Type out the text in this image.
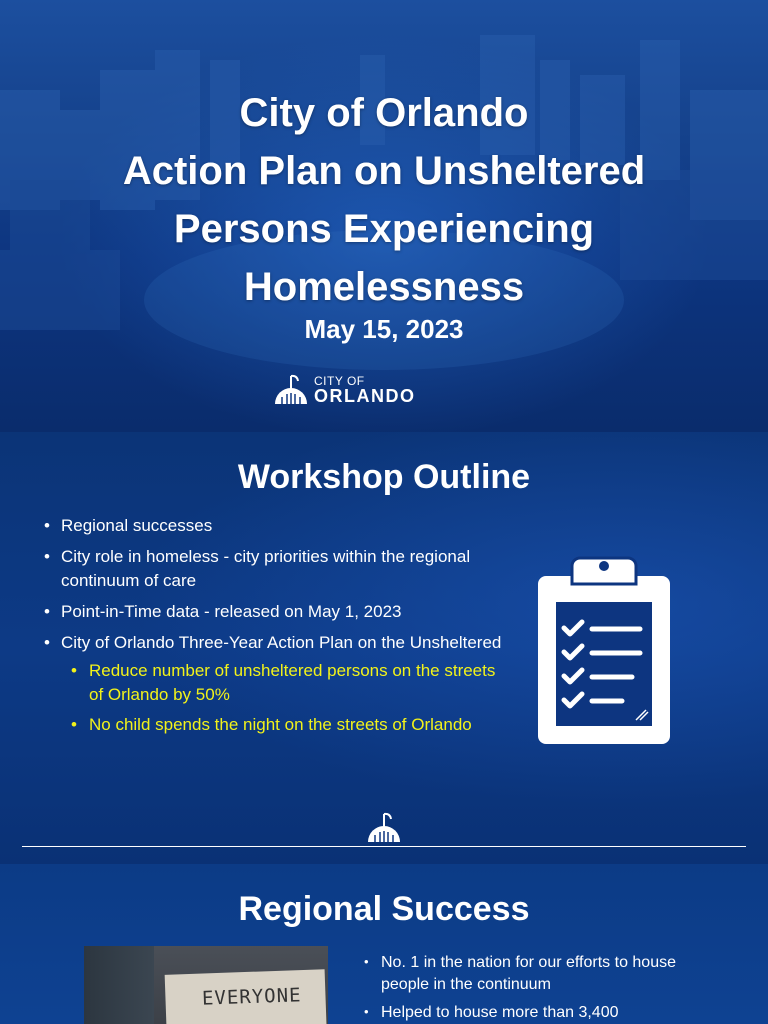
City of Orlando
Action Plan on Unsheltered
Persons Experiencing
Homelessness
May 15, 2023
CITY OF
ORLANDO
Workshop Outline
• Regional successes
• City role in homeless - city priorities within the regional continuum of care
• Point-in-Time data - released on May 1, 2023
• City of Orlando Three-Year Action Plan on the Unsheltered
• Reduce number of unsheltered persons on the streets of Orlando by 50%
• No child spends the night on the streets of Orlando
Regional Success
EVERYONE
• No. 1 in the nation for our efforts to house people in the continuum
• Helped to house more than 3,400
